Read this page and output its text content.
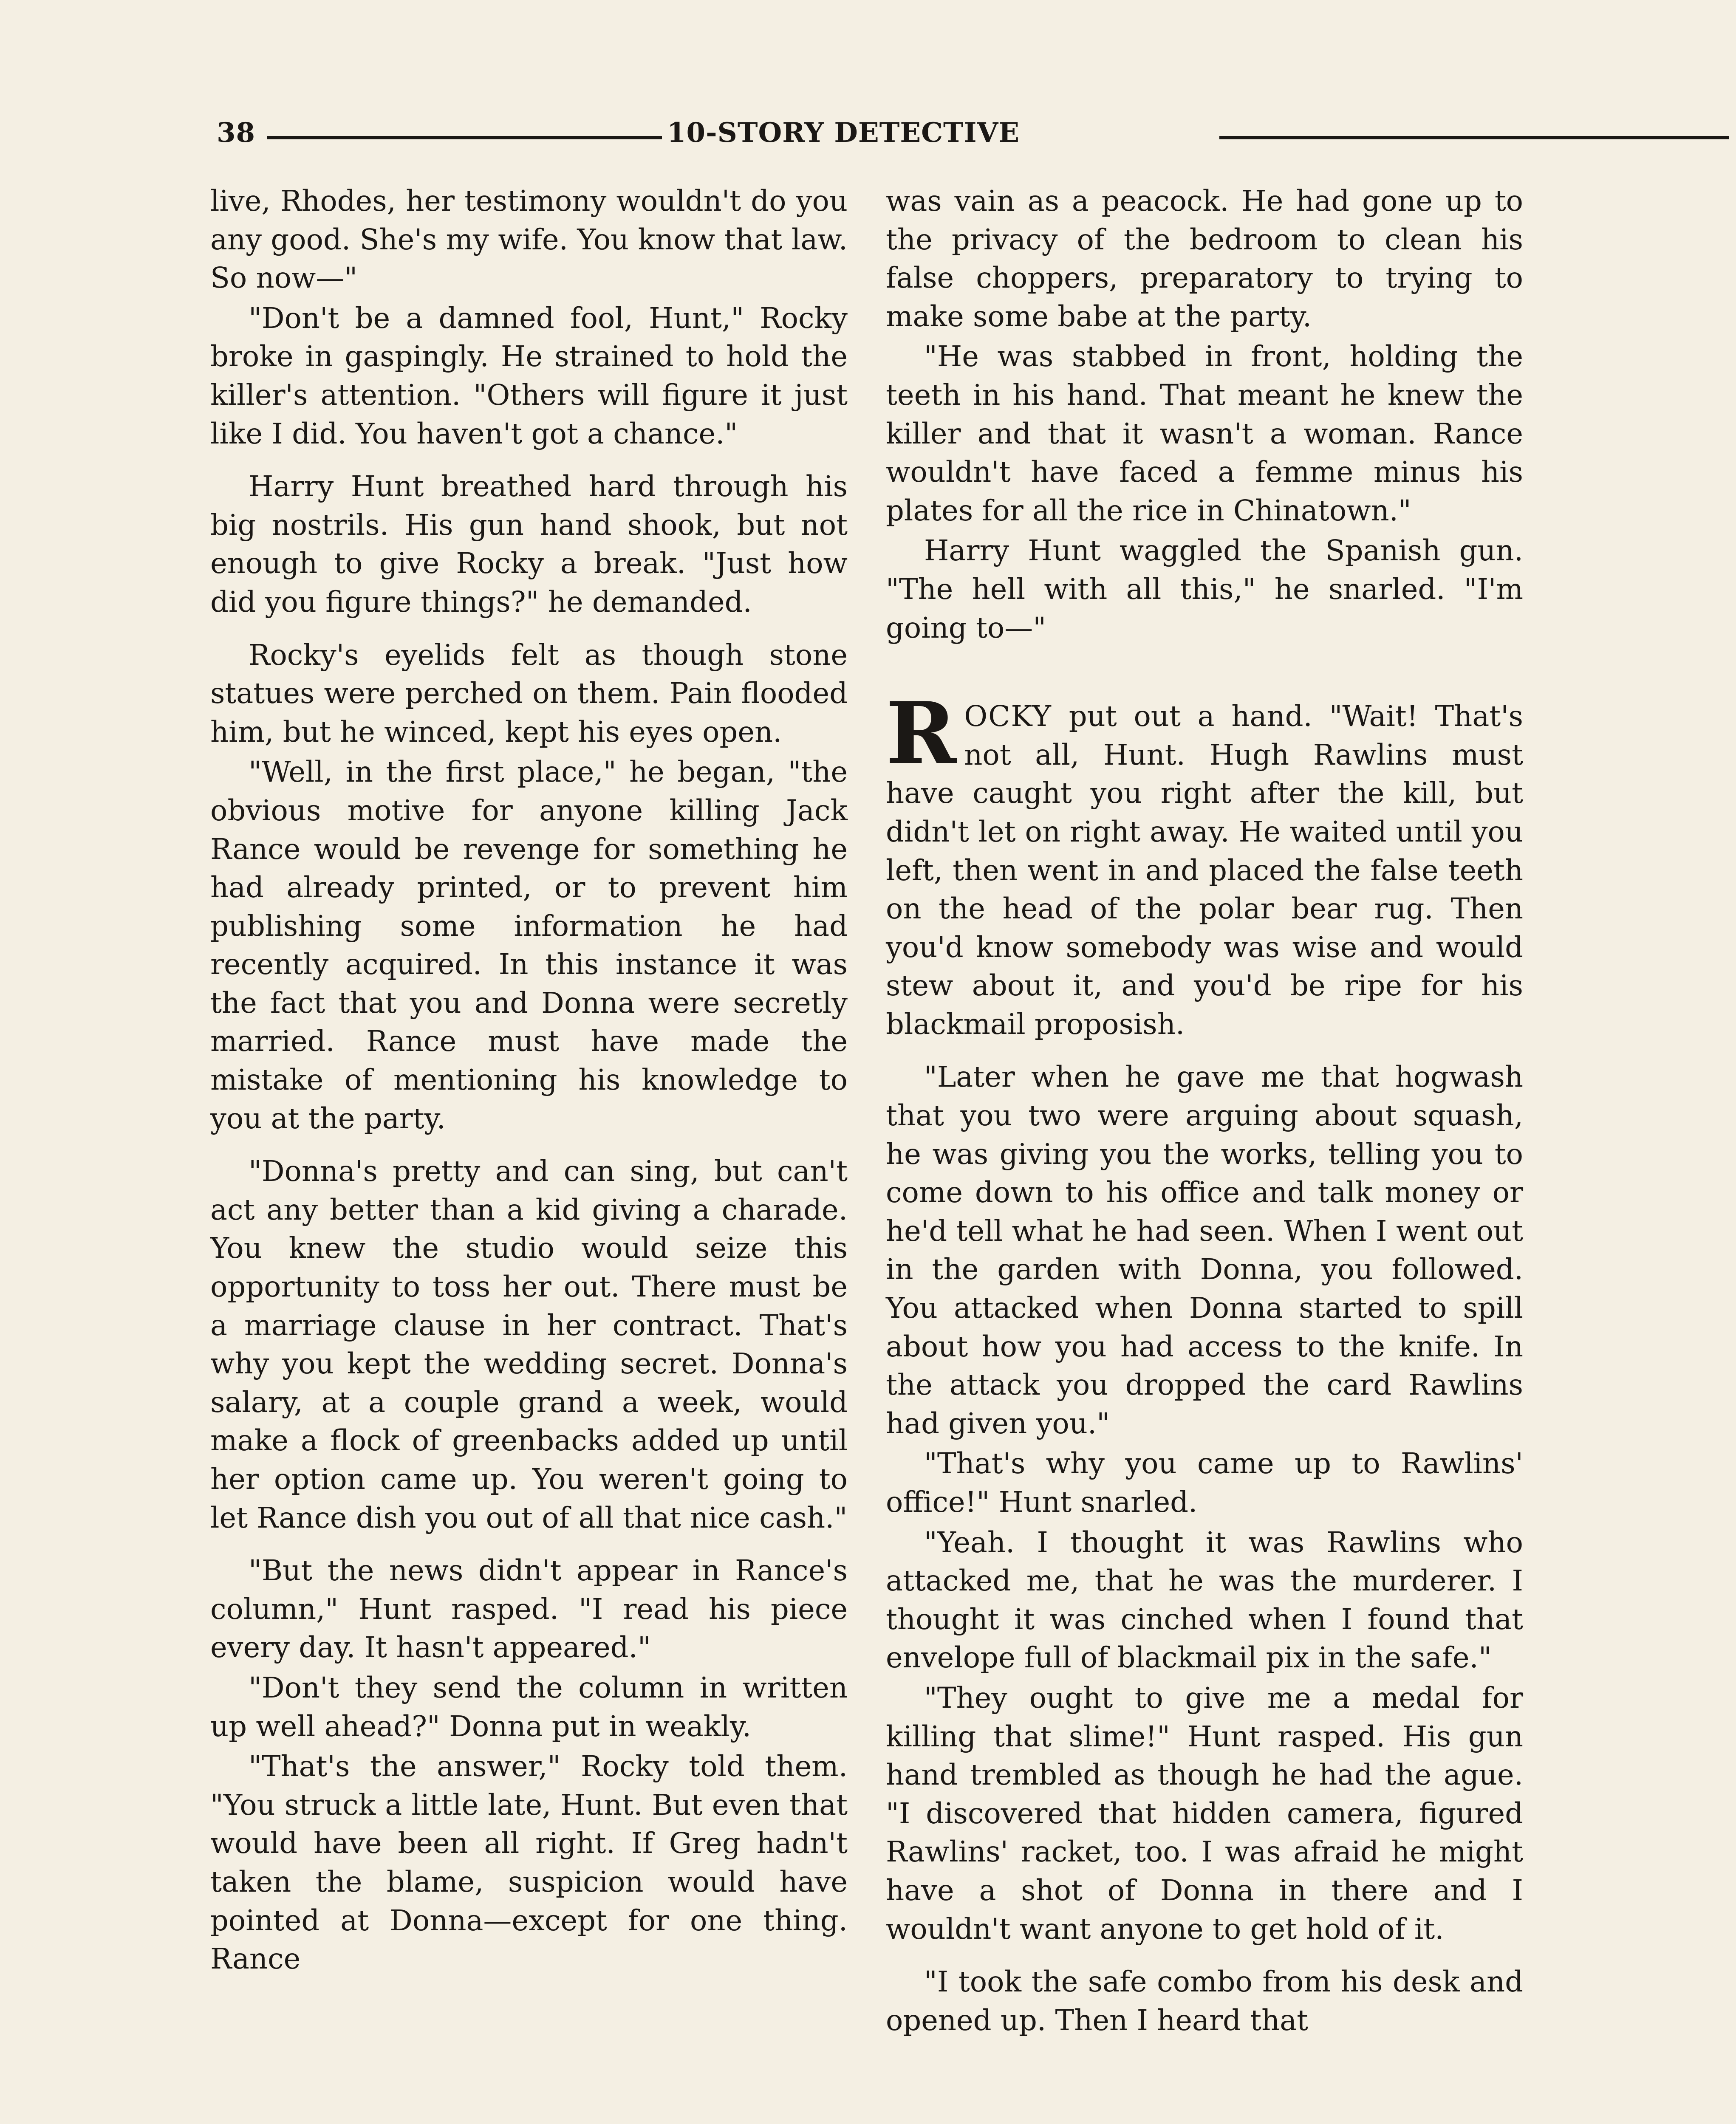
38	10-STORY DETECTIVE

live, Rhodes, her testimony wouldn't do you any good. She's my wife. You know that law. So now—"

"Don't be a damned fool, Hunt," Rocky broke in gaspingly. He strained to hold the killer's attention. "Others will figure it just like I did. You haven't got a chance."

Harry Hunt breathed hard through his big nostrils. His gun hand shook, but not enough to give Rocky a break. "Just how did you figure things?" he demanded.

Rocky's eyelids felt as though stone statues were perched on them. Pain flooded him, but he winced, kept his eyes open.

"Well, in the first place," he began, "the obvious motive for anyone killing Jack Rance would be revenge for something he had already printed, or to prevent him publishing some information he had recently acquired. In this instance it was the fact that you and Donna were secretly married. Rance must have made the mistake of mentioning his knowledge to you at the party.

"Donna's pretty and can sing, but can't act any better than a kid giving a charade. You knew the studio would seize this opportunity to toss her out. There must be a marriage clause in her contract. That's why you kept the wedding secret. Donna's salary, at a couple grand a week, would make a flock of greenbacks added up until her option came up. You weren't going to let Rance dish you out of all that nice cash."

"But the news didn't appear in Rance's column," Hunt rasped. "I read his piece every day. It hasn't appeared."

"Don't they send the column in written up well ahead?" Donna put in weakly.

"That's the answer," Rocky told them. "You struck a little late, Hunt. But even that would have been all right. If Greg hadn't taken the blame, suspicion would have pointed at Donna—except for one thing. Rance

was vain as a peacock. He had gone up to the privacy of the bedroom to clean his false choppers, preparatory to trying to make some babe at the party.

"He was stabbed in front, holding the teeth in his hand. That meant he knew the killer and that it wasn't a woman. Rance wouldn't have faced a femme minus his plates for all the rice in Chinatown."

Harry Hunt waggled the Spanish gun. "The hell with all this," he snarled. "I'm going to—"

ROCKY put out a hand. "Wait! That's not all, Hunt. Hugh Rawlins must have caught you right after the kill, but didn't let on right away. He waited until you left, then went in and placed the false teeth on the head of the polar bear rug. Then you'd know somebody was wise and would stew about it, and you'd be ripe for his blackmail proposish.

"Later when he gave me that hogwash that you two were arguing about squash, he was giving you the works, telling you to come down to his office and talk money or he'd tell what he had seen. When I went out in the garden with Donna, you followed. You attacked when Donna started to spill about how you had access to the knife. In the attack you dropped the card Rawlins had given you."

"That's why you came up to Rawlins' office!" Hunt snarled.

"Yeah. I thought it was Rawlins who attacked me, that he was the murderer. I thought it was cinched when I found that envelope full of blackmail pix in the safe."

"They ought to give me a medal for killing that slime!" Hunt rasped. His gun hand trembled as though he had the ague. "I discovered that hidden camera, figured Rawlins' racket, too. I was afraid he might have a shot of Donna in there and I wouldn't want anyone to get hold of it.

"I took the safe combo from his desk and opened up. Then I heard that
